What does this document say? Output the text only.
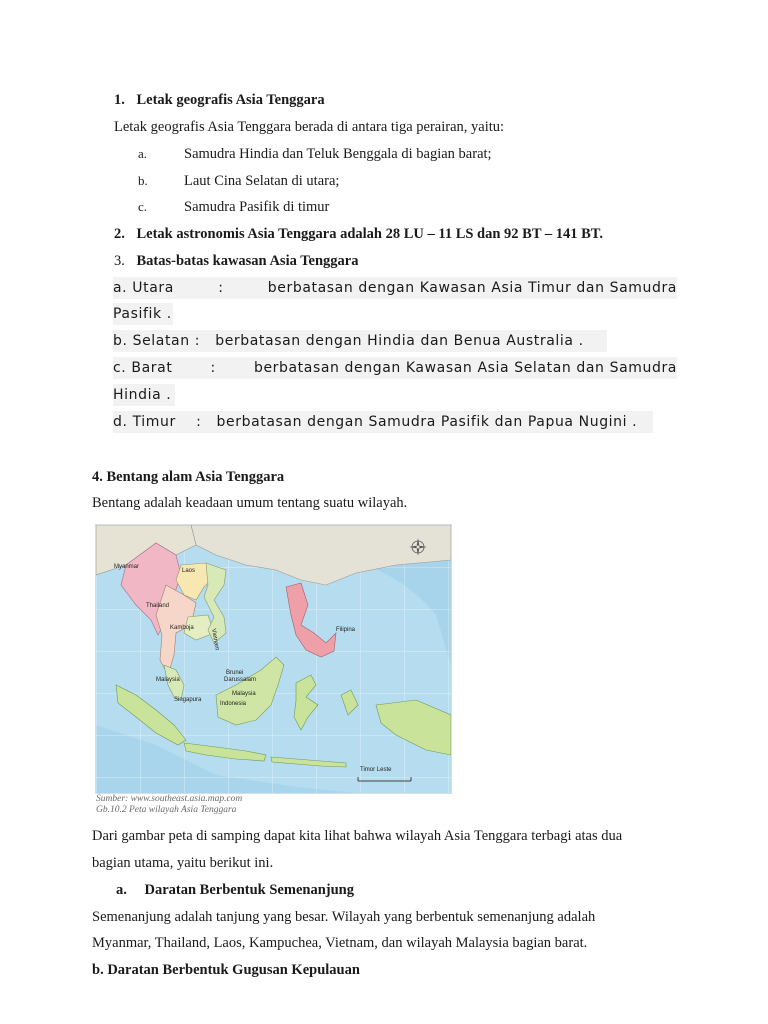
1. Letak geografis Asia Tenggara
Letak geografis Asia Tenggara berada di antara tiga perairan, yaitu:
a.	Samudra Hindia dan Teluk Benggala di bagian barat;
b.	Laut Cina Selatan di utara;
c.	Samudra Pasifik di timur
2. Letak astronomis Asia Tenggara adalah 28 LU – 11 LS dan 92 BT – 141 BT.
3. Batas-batas kawasan Asia Tenggara
a. Utara	:	berbatasan dengan Kawasan Asia Timur dan Samudra
Pasifik .
b. Selatan :   berbatasan dengan Hindia dan Benua Australia .
c. Barat	:	berbatasan dengan Kawasan Asia Selatan dan Samudra
Hindia .
d. Timur    :   berbatasan dengan Samudra Pasifik dan Papua Nugini .
4. Bentang alam Asia Tenggara
Bentang adalah keadaan umum tentang suatu wilayah.
Myanmar
Laos
Thailand
Vietnam
Kamboja	Filipina
Brunei
Darussalam
Malaysia
Malaysia
Singapura
Indonesia
Timor Leste
Sumber: www.southeast.asia.map.com
Gb.10.2 Peta wilayah Asia Tenggara
Dari gambar peta di samping dapat kita lihat bahwa wilayah Asia Tenggara terbagi atas dua
bagian utama, yaitu berikut ini.
a. Daratan Berbentuk Semenanjung
Semenanjung adalah tanjung yang besar. Wilayah yang berbentuk semenanjung adalah
Myanmar, Thailand, Laos, Kampuchea, Vietnam, dan wilayah Malaysia bagian barat.
b. Daratan Berbentuk Gugusan Kepulauan
